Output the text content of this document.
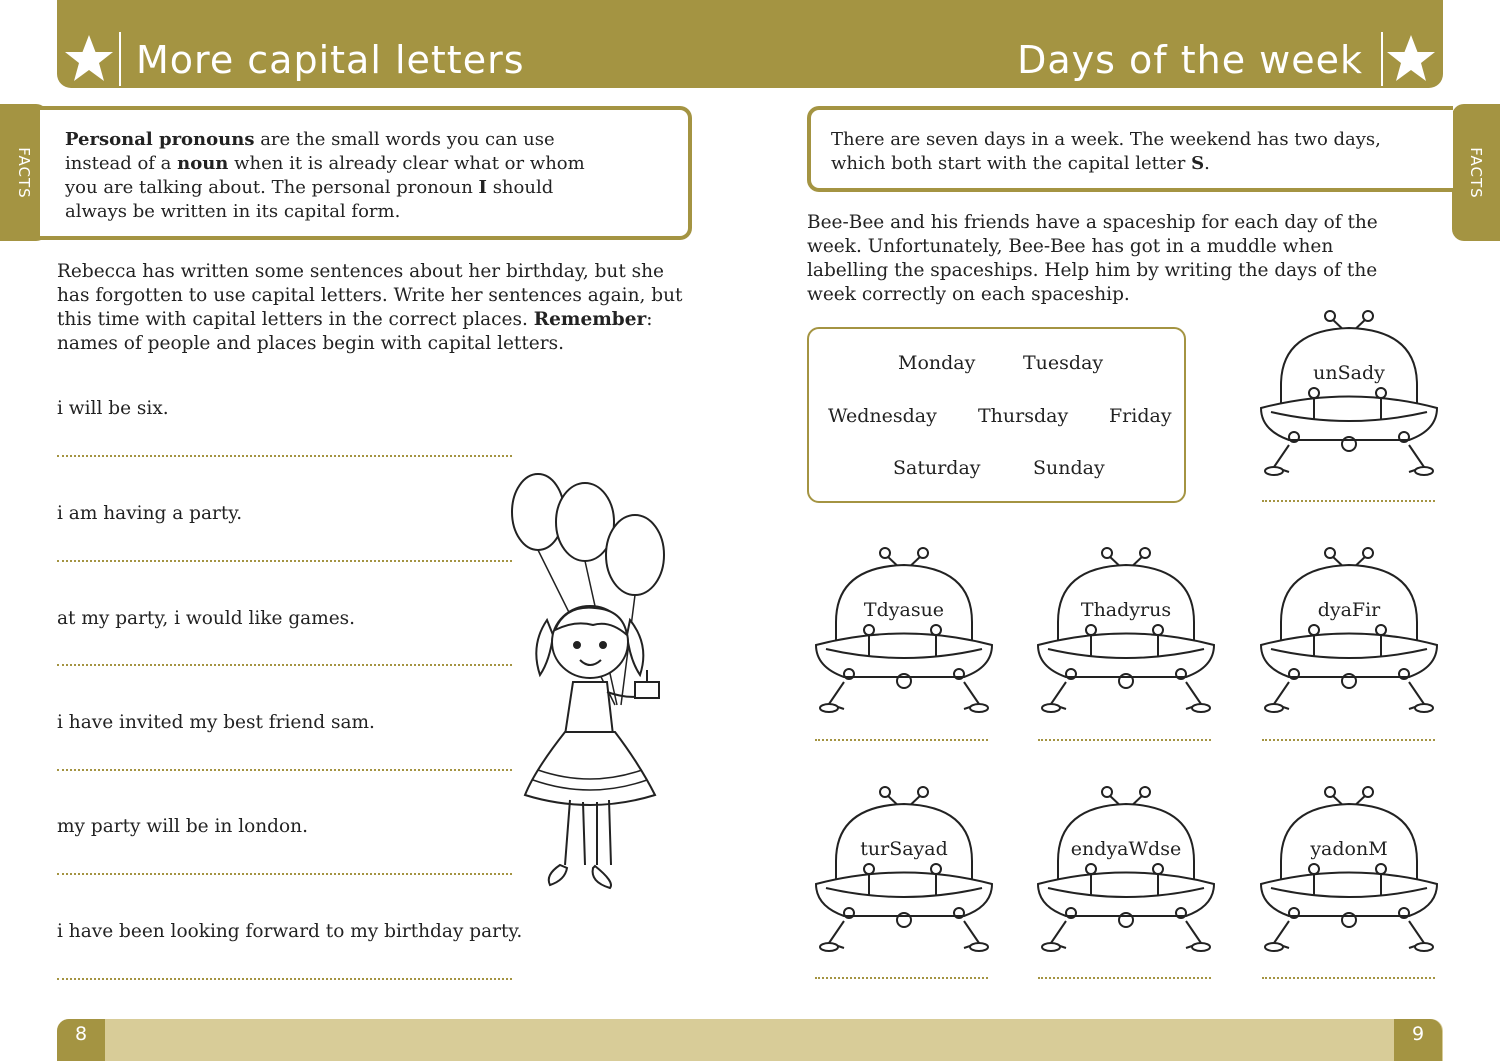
More capital letters	Days of the week
FACTS	FACTS
Personal pronouns are the small words you can use instead of a noun when it is already clear what or whom you are talking about. The personal pronoun I should always be written in its capital form.
Rebecca has written some sentences about her birthday, but she has forgotten to use capital letters. Write her sentences again, but this time with capital letters in the correct places. Remember: names of people and places begin with capital letters.
i will be six.
i am having a party.
at my party, i would like games.
i have invited my best friend sam.
my party will be in london.
i have been looking forward to my birthday party.
There are seven days in a week. The weekend has two days, which both start with the capital letter S.
Bee-Bee and his friends have a spaceship for each day of the week. Unfortunately, Bee-Bee has got in a muddle when labelling the spaceships. Help him by writing the days of the week correctly on each spaceship.
Monday	Tuesday
Wednesday Thursday Friday
Saturday	Sunday
unSady
Tdyasue	Thadyrus	dyaFir
turSayad	endyaWdse	yadonM
8	9
